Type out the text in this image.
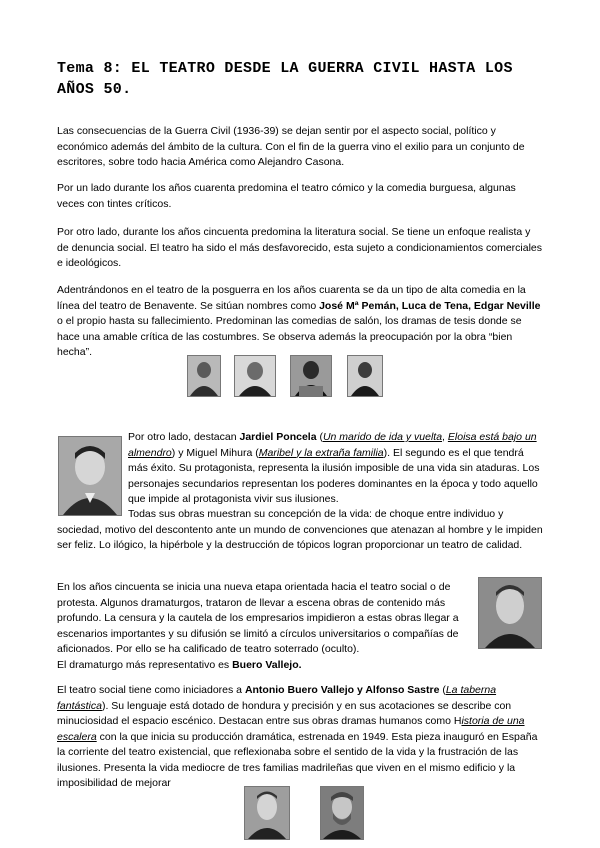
Tema 8: EL TEATRO DESDE LA GUERRA CIVIL HASTA LOS AÑOS 50.

Las consecuencias de la Guerra Civil (1936-39) se dejan sentir por el aspecto social, político y económico además del ámbito de la cultura. Con el fin de la guerra vino el exilio para un conjunto de escritores, sobre todo hacia América como Alejandro Casona.

Por un lado durante los años cuarenta predomina el teatro cómico y la comedia burguesa, algunas veces con tintes críticos.

Por otro lado, durante los años cincuenta predomina la literatura social. Se tiene un enfoque realista y de denuncia social. El teatro ha sido el más desfavorecido, esta sujeto a condicionamientos comerciales e ideológicos.

Adentrándonos en el teatro de la posguerra en los años cuarenta se da un tipo de alta comedia en la línea del teatro de Benavente. Se sitúan nombres como José Mª Pemán, Luca de Tena, Edgar Neville o el propio hasta su fallecimiento. Predominan las comedias de salón, los dramas de tesis donde se hace una amable crítica de las costumbres. Se observa además la preocupación por la obra “bien hecha”.

Por otro lado, destacan Jardiel Poncela (Un marido de ida y vuelta, Eloisa está bajo un almendro) y Miguel Mihura (Maribel y la extraña familia). El segundo es el que tendrá más éxito. Su protagonista, representa la ilusión imposible de una vida sin ataduras. Los personajes secundarios representan los poderes dominantes en la época y todo aquello que impide al protagonista vivir sus ilusiones.

Todas sus obras muestran su concepción de la vida: de choque entre individuo y sociedad, motivo del descontento ante un mundo de convenciones que atenazan al hombre y le impiden ser feliz. Lo ilógico, la hipérbole y la destrucción de tópicos logran proporcionar un teatro de calidad.

En los años cincuenta se inicia una nueva etapa orientada hacia el teatro social o de protesta. Algunos dramaturgos, trataron de llevar a escena obras de contenido más profundo. La censura y la cautela de los empresarios impidieron a estas obras llegar a escenarios importantes y su difusión se limitó a círculos universitarios o compañías de aficionados. Por ello se ha calificado de teatro soterrado (oculto).
El dramaturgo más representativo es Buero Vallejo.

El teatro social tiene como iniciadores a Antonio Buero Vallejo y Alfonso Sastre (La taberna fantástica). Su lenguaje está dotado de hondura y precisión y en sus acotaciones se describe con minuciosidad el espacio escénico. Destacan entre sus obras dramas humanos como Historia de una escalera con la que inicia su producción dramática, estrenada en 1949. Esta pieza inauguró en España la corriente del teatro existencial, que reflexionaba sobre el sentido de la vida y la frustración de las ilusiones. Presenta la vida mediocre de tres familias madrileñas que viven en el mismo edificio y la imposibilidad de mejorar
